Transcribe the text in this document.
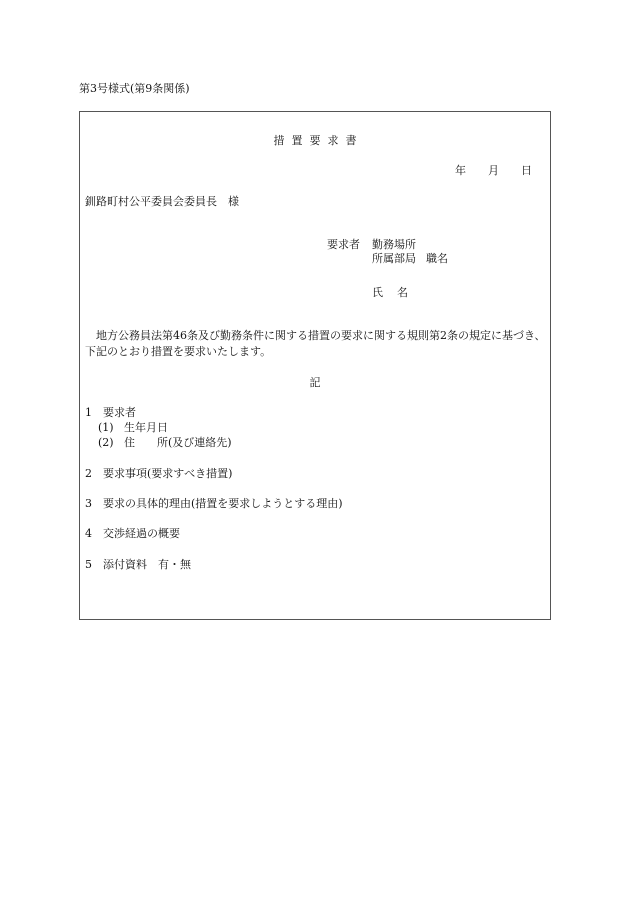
第3号様式(第9条関係)
措置要求書
年 月 日
釧路町村公平委員会委員長　様
要求者 勤務場所
所属部局 職名
氏 名
地方公務員法第46条及び勤務条件に関する措置の要求に関する規則第2条の規定に基づき、下記のとおり措置を要求いたします。
記
1 要求者
(1) 生年月日
(2) 住　　所(及び連絡先)
2 要求事項(要求すべき措置)
3 要求の具体的理由(措置を要求しようとする理由)
4 交渉経過の概要
5 添付資料　有・無
